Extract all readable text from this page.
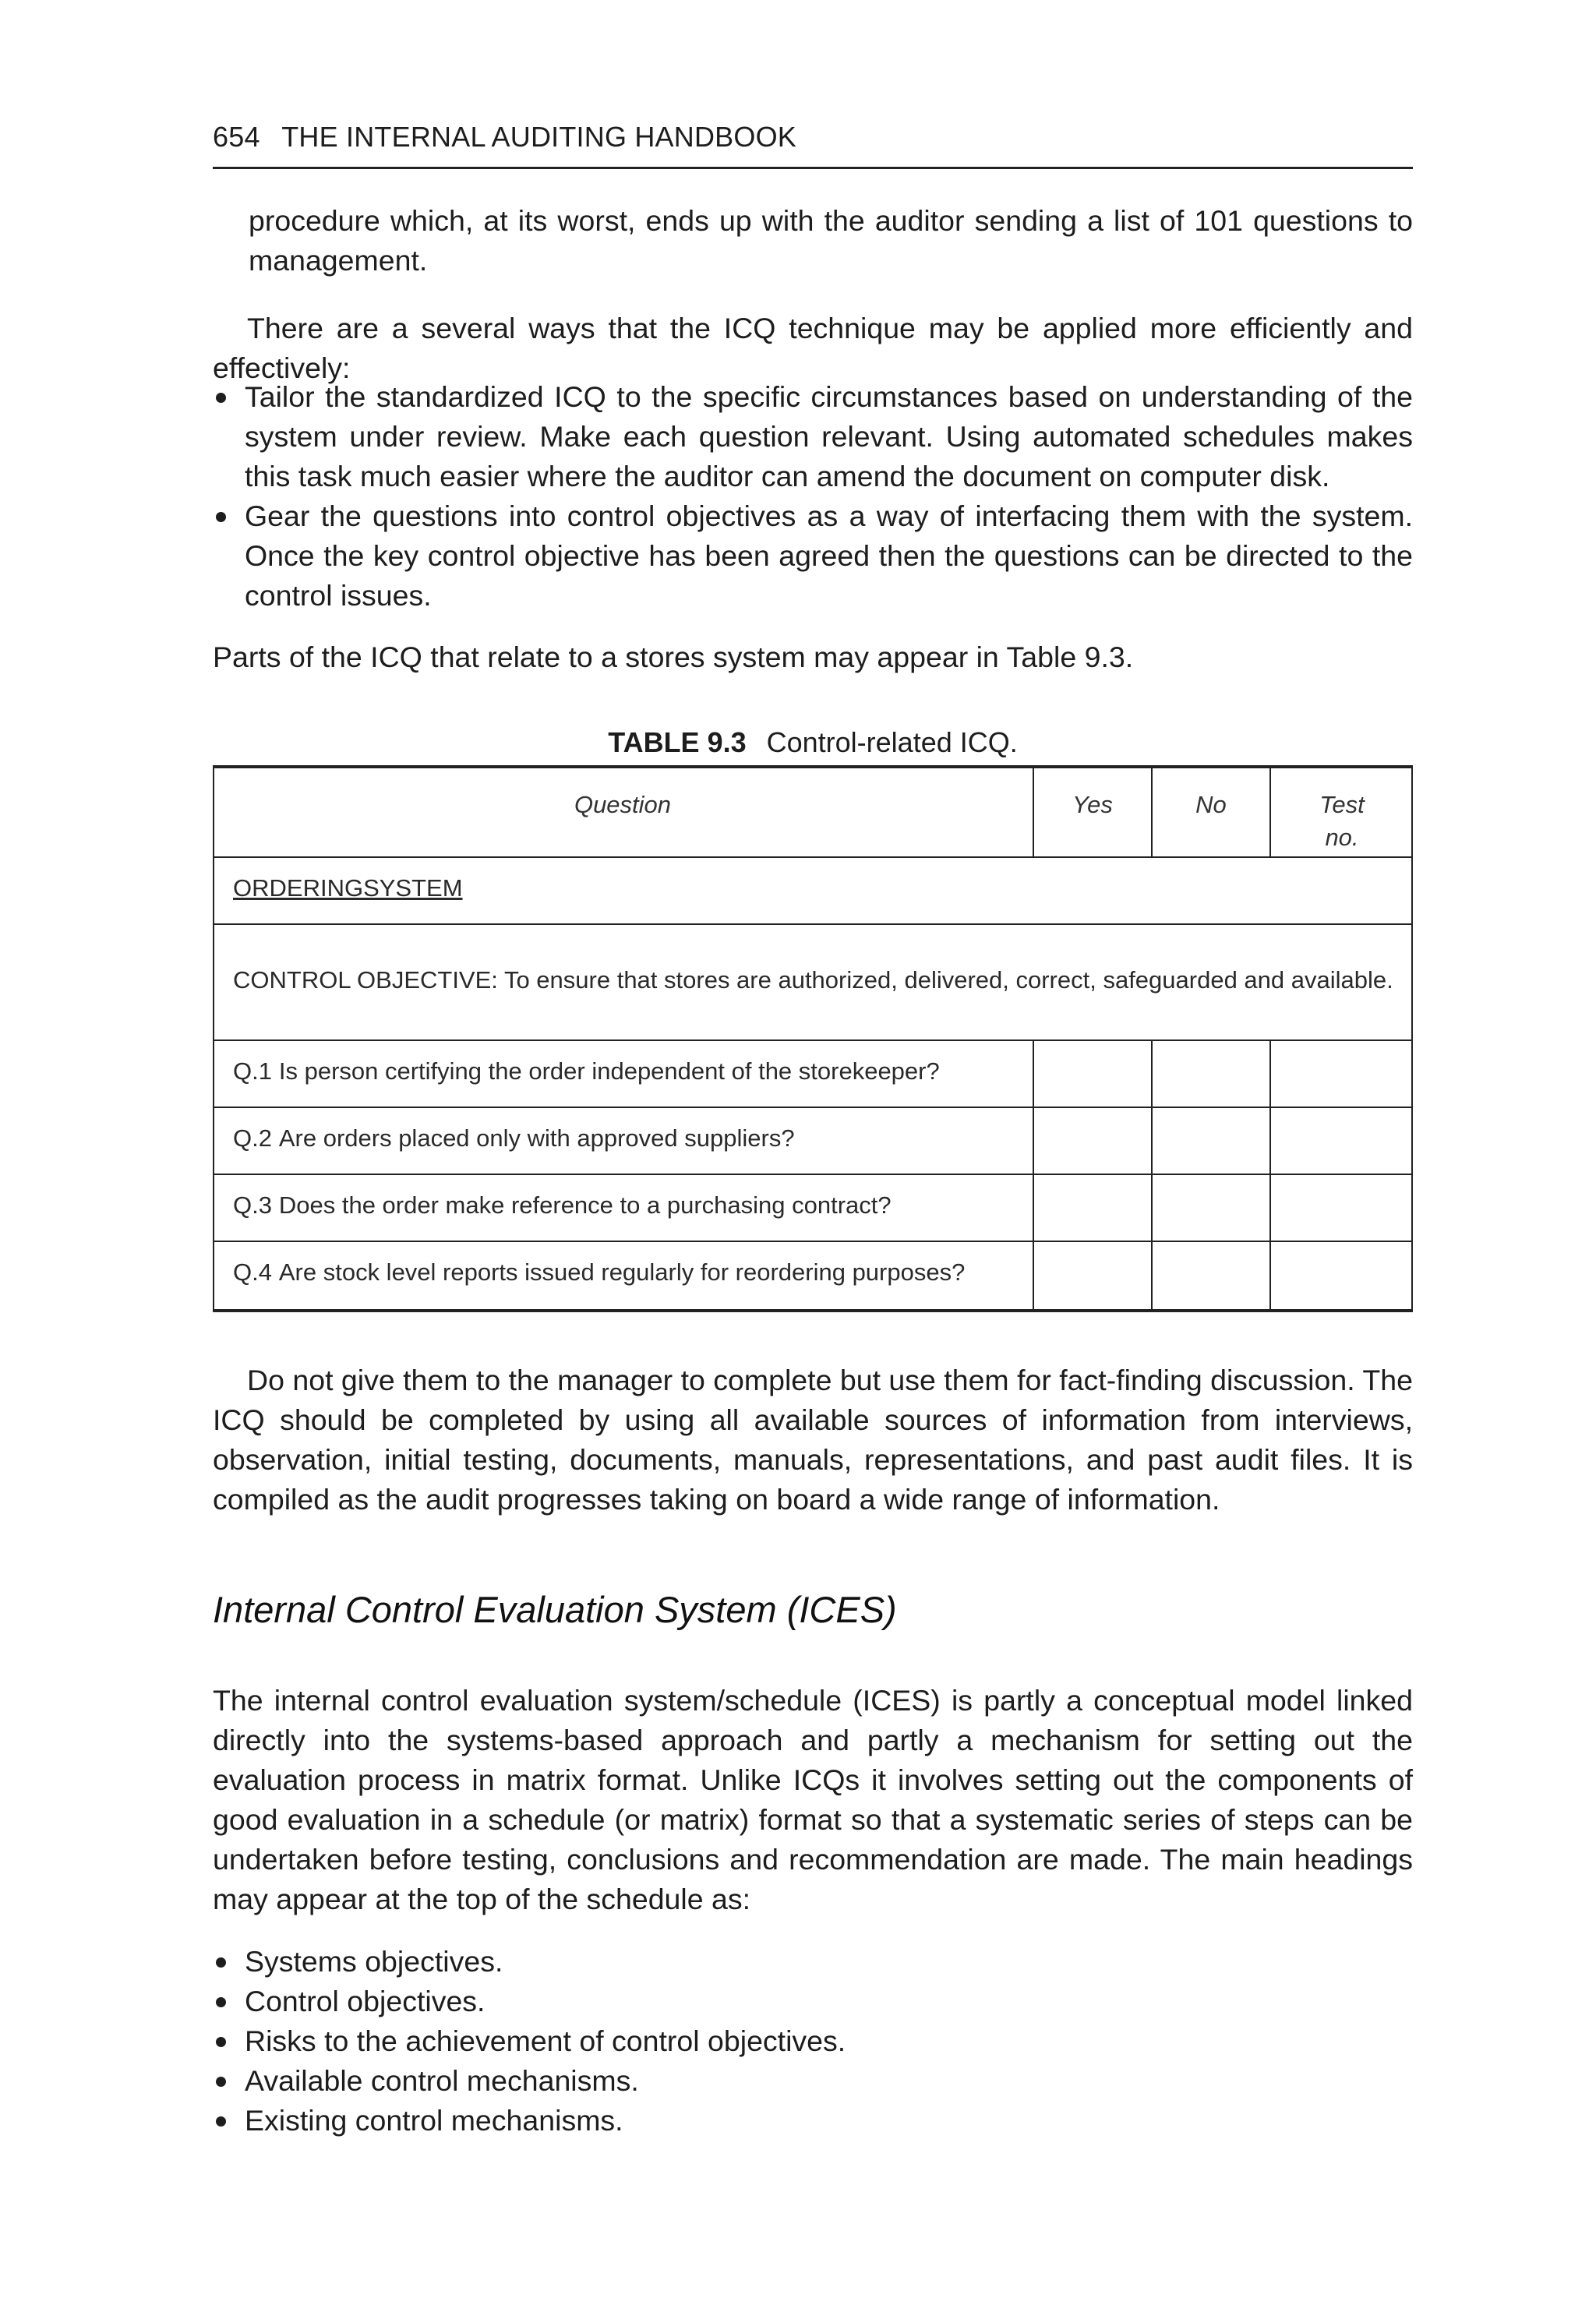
654 THE INTERNAL AUDITING HANDBOOK
procedure which, at its worst, ends up with the auditor sending a list of 101 questions to management.
There are a several ways that the ICQ technique may be applied more efficiently and effectively:
Tailor the standardized ICQ to the specific circumstances based on understanding of the system under review. Make each question relevant. Using automated schedules makes this task much easier where the auditor can amend the document on computer disk.
Gear the questions into control objectives as a way of interfacing them with the system. Once the key control objective has been agreed then the questions can be directed to the control issues.
Parts of the ICQ that relate to a stores system may appear in Table 9.3.
TABLE 9.3 Control-related ICQ.
Question	Yes	No	Test
no.
ORDERINGSYSTEM
CONTROL OBJECTIVE: To ensure that stores are authorized, delivered, correct, safeguarded and available.
Q.1 Is person certifying the order independent of the storekeeper?
Q.2 Are orders placed only with approved suppliers?
Q.3 Does the order make reference to a purchasing contract?
Q.4 Are stock level reports issued regularly for reordering purposes?
Do not give them to the manager to complete but use them for fact-finding discussion. The ICQ should be completed by using all available sources of information from interviews, observation, initial testing, documents, manuals, representations, and past audit files. It is compiled as the audit progresses taking on board a wide range of information.
Internal Control Evaluation System (ICES)
The internal control evaluation system/schedule (ICES) is partly a conceptual model linked directly into the systems-based approach and partly a mechanism for setting out the evaluation process in matrix format. Unlike ICQs it involves setting out the components of good evaluation in a schedule (or matrix) format so that a systematic series of steps can be undertaken before testing, conclusions and recommendation are made. The main headings may appear at the top of the schedule as:
Systems objectives.
Control objectives.
Risks to the achievement of control objectives.
Available control mechanisms.
Existing control mechanisms.
